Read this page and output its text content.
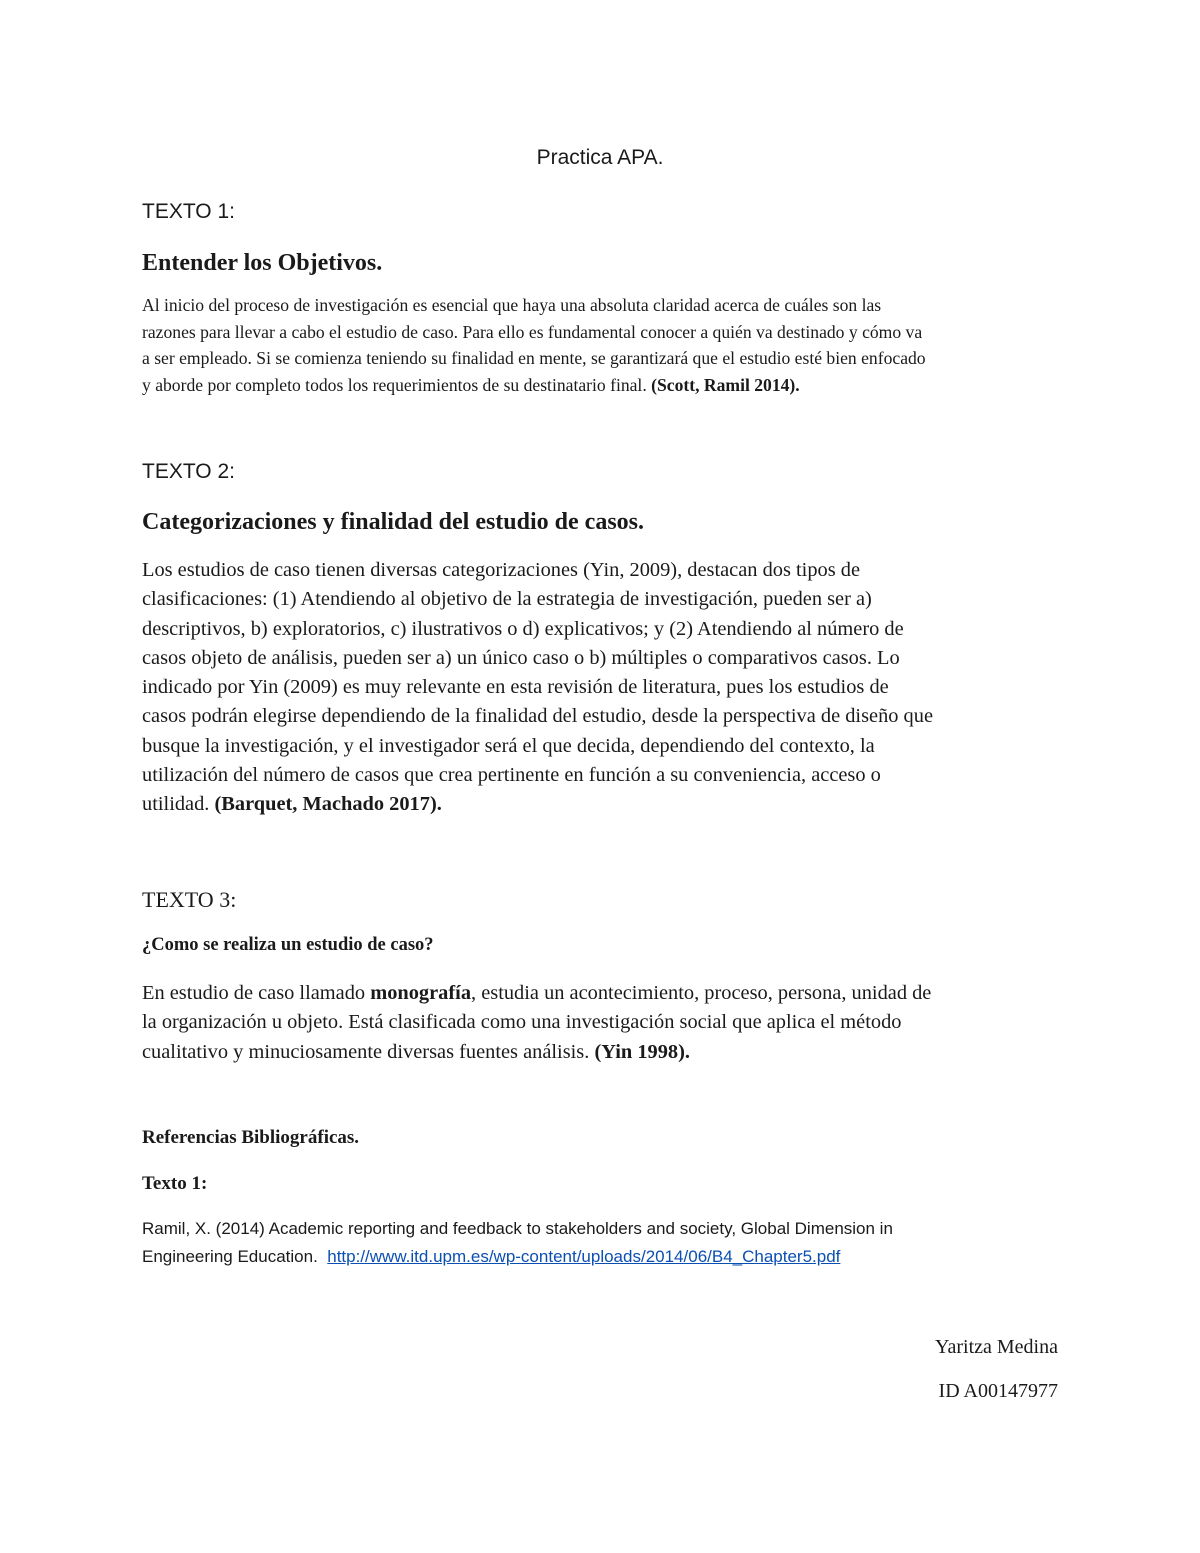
Practica APA.
TEXTO 1:
Entender los Objetivos.
Al inicio del proceso de investigación es esencial que haya una absoluta claridad acerca de cuáles son las
razones para llevar a cabo el estudio de caso. Para ello es fundamental conocer a quién va destinado y cómo va
a ser empleado. Si se comienza teniendo su finalidad en mente, se garantizará que el estudio esté bien enfocado
y aborde por completo todos los requerimientos de su destinatario final. (Scott, Ramil 2014).
TEXTO 2:
Categorizaciones y finalidad del estudio de casos.
Los estudios de caso tienen diversas categorizaciones (Yin, 2009), destacan dos tipos de
clasificaciones: (1) Atendiendo al objetivo de la estrategia de investigación, pueden ser a)
descriptivos, b) exploratorios, c) ilustrativos o d) explicativos; y (2) Atendiendo al número de
casos objeto de análisis, pueden ser a) un único caso o b) múltiples o comparativos casos. Lo
indicado por Yin (2009) es muy relevante en esta revisión de literatura, pues los estudios de
casos podrán elegirse dependiendo de la finalidad del estudio, desde la perspectiva de diseño que
busque la investigación, y el investigador será el que decida, dependiendo del contexto, la
utilización del número de casos que crea pertinente en función a su conveniencia, acceso o
utilidad. (Barquet, Machado 2017).
TEXTO 3:
¿Como se realiza un estudio de caso?
En estudio de caso llamado monografía, estudia un acontecimiento, proceso, persona, unidad de
la organización u objeto. Está clasificada como una investigación social que aplica el método
cualitativo y minuciosamente diversas fuentes análisis. (Yin 1998).
Referencias Bibliográficas.
Texto 1:
Ramil, X. (2014) Academic reporting and feedback to stakeholders and society, Global Dimension in
Engineering Education. http://www.itd.upm.es/wp-content/uploads/2014/06/B4_Chapter5.pdf
Yaritza Medina
ID A00147977
